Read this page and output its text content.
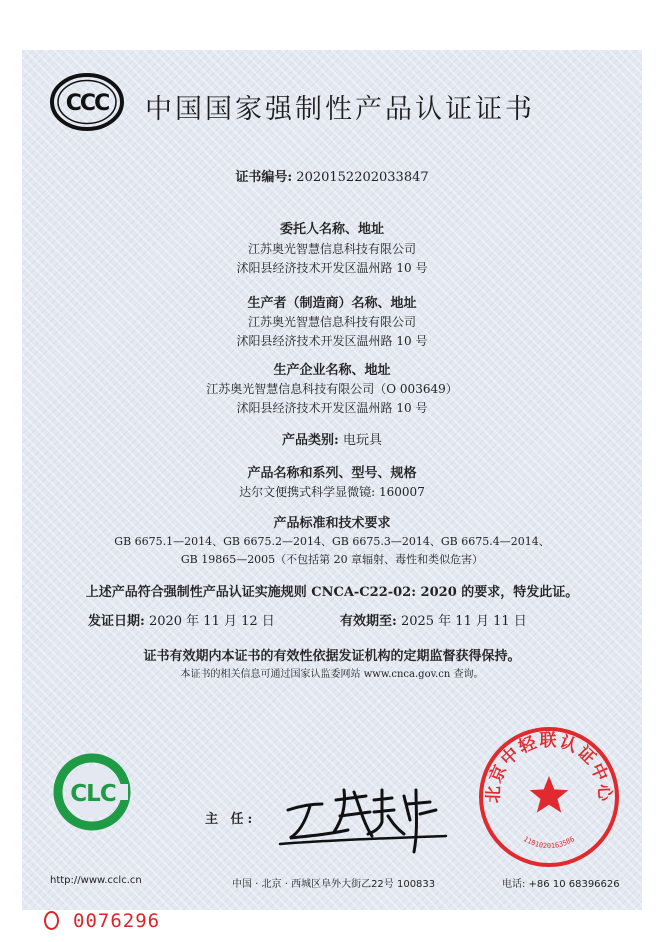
CCC 中国国家强制性产品认证证书
证书编号: 2020152202033847
委托人名称、地址
江苏奥光智慧信息科技有限公司
沭阳县经济技术开发区温州路 10 号
生产者（制造商）名称、地址
江苏奥光智慧信息科技有限公司
沭阳县经济技术开发区温州路 10 号
生产企业名称、地址
江苏奥光智慧信息科技有限公司（O 003649）
沭阳县经济技术开发区温州路 10 号
产品类别: 电玩具
产品名称和系列、型号、规格
达尔文便携式科学显微镜: 160007
产品标准和技术要求
GB 6675.1—2014、GB 6675.2—2014、GB 6675.3—2014、GB 6675.4—2014、
GB 19865—2005（不包括第 20 章辐射、毒性和类似危害）
上述产品符合强制性产品认证实施规则 CNCA-C22-02: 2020 的要求，特发此证。
发证日期: 2020 年 11 月 12 日	有效期至: 2025 年 11 月 11 日
证书有效期内本证书的有效性依据发证机构的定期监督获得保持。
本证书的相关信息可通过国家认监委网站 www.cnca.gov.cn 查询。
CLC
主 任:
北京中轻联认证中心
1101020163586
http://www.cclc.cn	中国 · 北京 · 西城区阜外大街乙22号 100833	电话: +86 10 68396626
0076296
